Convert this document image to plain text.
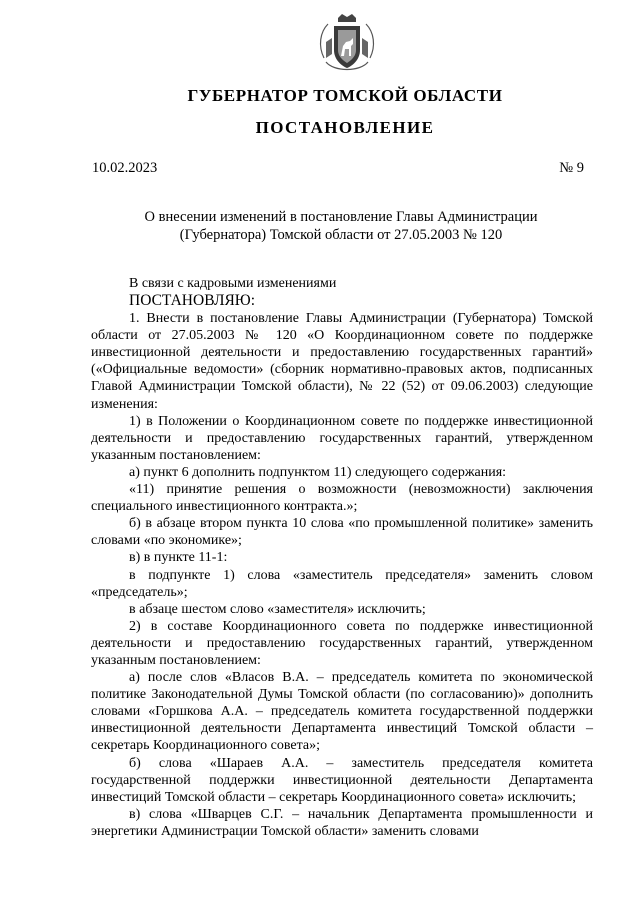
ГУБЕРНАТОР ТОМСКОЙ ОБЛАСТИ
ПОСТАНОВЛЕНИЕ
10.02.2023	№ 9
О внесении изменений в постановление Главы Администрации
(Губернатора) Томской области от 27.05.2003 № 120

В связи с кадровыми изменениями

ПОСТАНОВЛЯЮ:

1. Внести в постановление Главы Администрации (Губернатора) Томской области от 27.05.2003 № 120 «О Координационном совете по поддержке инвестиционной деятельности и предоставлению государственных гарантий» («Официальные ведомости» (сборник нормативно-правовых актов, подписанных Главой Администрации Томской области), № 22 (52) от 09.06.2003) следующие изменения:

1) в Положении о Координационном совете по поддержке инвестиционной деятельности и предоставлению государственных гарантий, утвержденном указанным постановлением:

а) пункт 6 дополнить подпунктом 11) следующего содержания:

«11) принятие решения о возможности (невозможности) заключения специального инвестиционного контракта.»;

б) в абзаце втором пункта 10 слова «по промышленной политике» заменить словами «по экономике»;

в) в пункте 11-1:

в подпункте 1) слова «заместитель председателя» заменить словом «председатель»;

в абзаце шестом слово «заместителя» исключить;

2) в составе Координационного совета по поддержке инвестиционной деятельности и предоставлению государственных гарантий, утвержденном указанным постановлением:

а) после слов «Власов В.А. – председатель комитета по экономической политике Законодательной Думы Томской области (по согласованию)» дополнить словами «Горшкова А.А. – председатель комитета государственной поддержки инвестиционной деятельности Департамента инвестиций Томской области – секретарь Координационного совета»;

б) слова «Шараев А.А. – заместитель председателя комитета государственной поддержки инвестиционной деятельности Департамента инвестиций Томской области – секретарь Координационного совета» исключить;

в) слова «Шварцев С.Г. – начальник Департамента промышленности и энергетики Администрации Томской области» заменить словами
